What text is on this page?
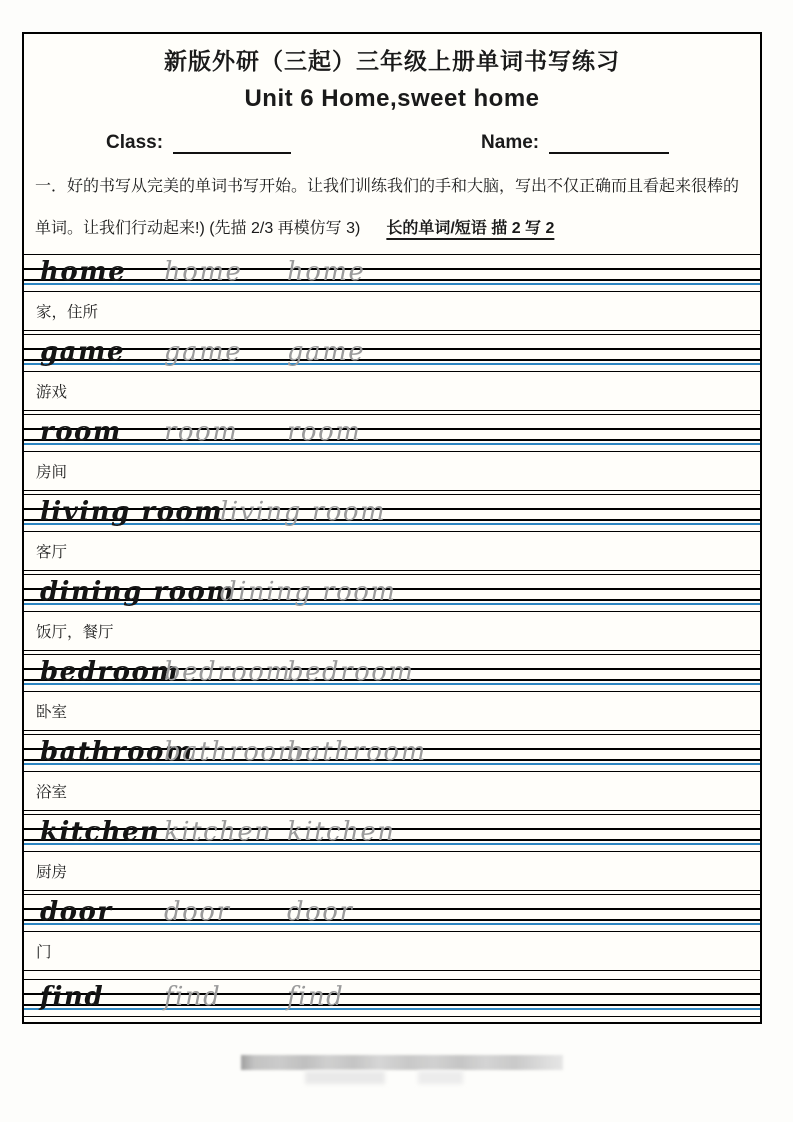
新版外研（三起）三年级上册单词书写练习
Unit 6 Home,sweet home
Class:	Name:
一．好的书写从完美的单词书写开始。让我们训练我们的手和大脑，写出不仅正确而且看起来很棒的
单词。让我们行动起来!) (先描 2/3 再模仿写 3) 长的单词/短语 描 2 写 2
home home home
家，住所
game game game
游戏
room room room
房间
living room
living room
客厅
dining room
dining room
饭厅，餐厅
bedroom
bedroom
bedroom
卧室
bathroom
bathroom
bathroom
浴室
kitchen kitchen kitchen
厨房
door door door
门
find find	find
